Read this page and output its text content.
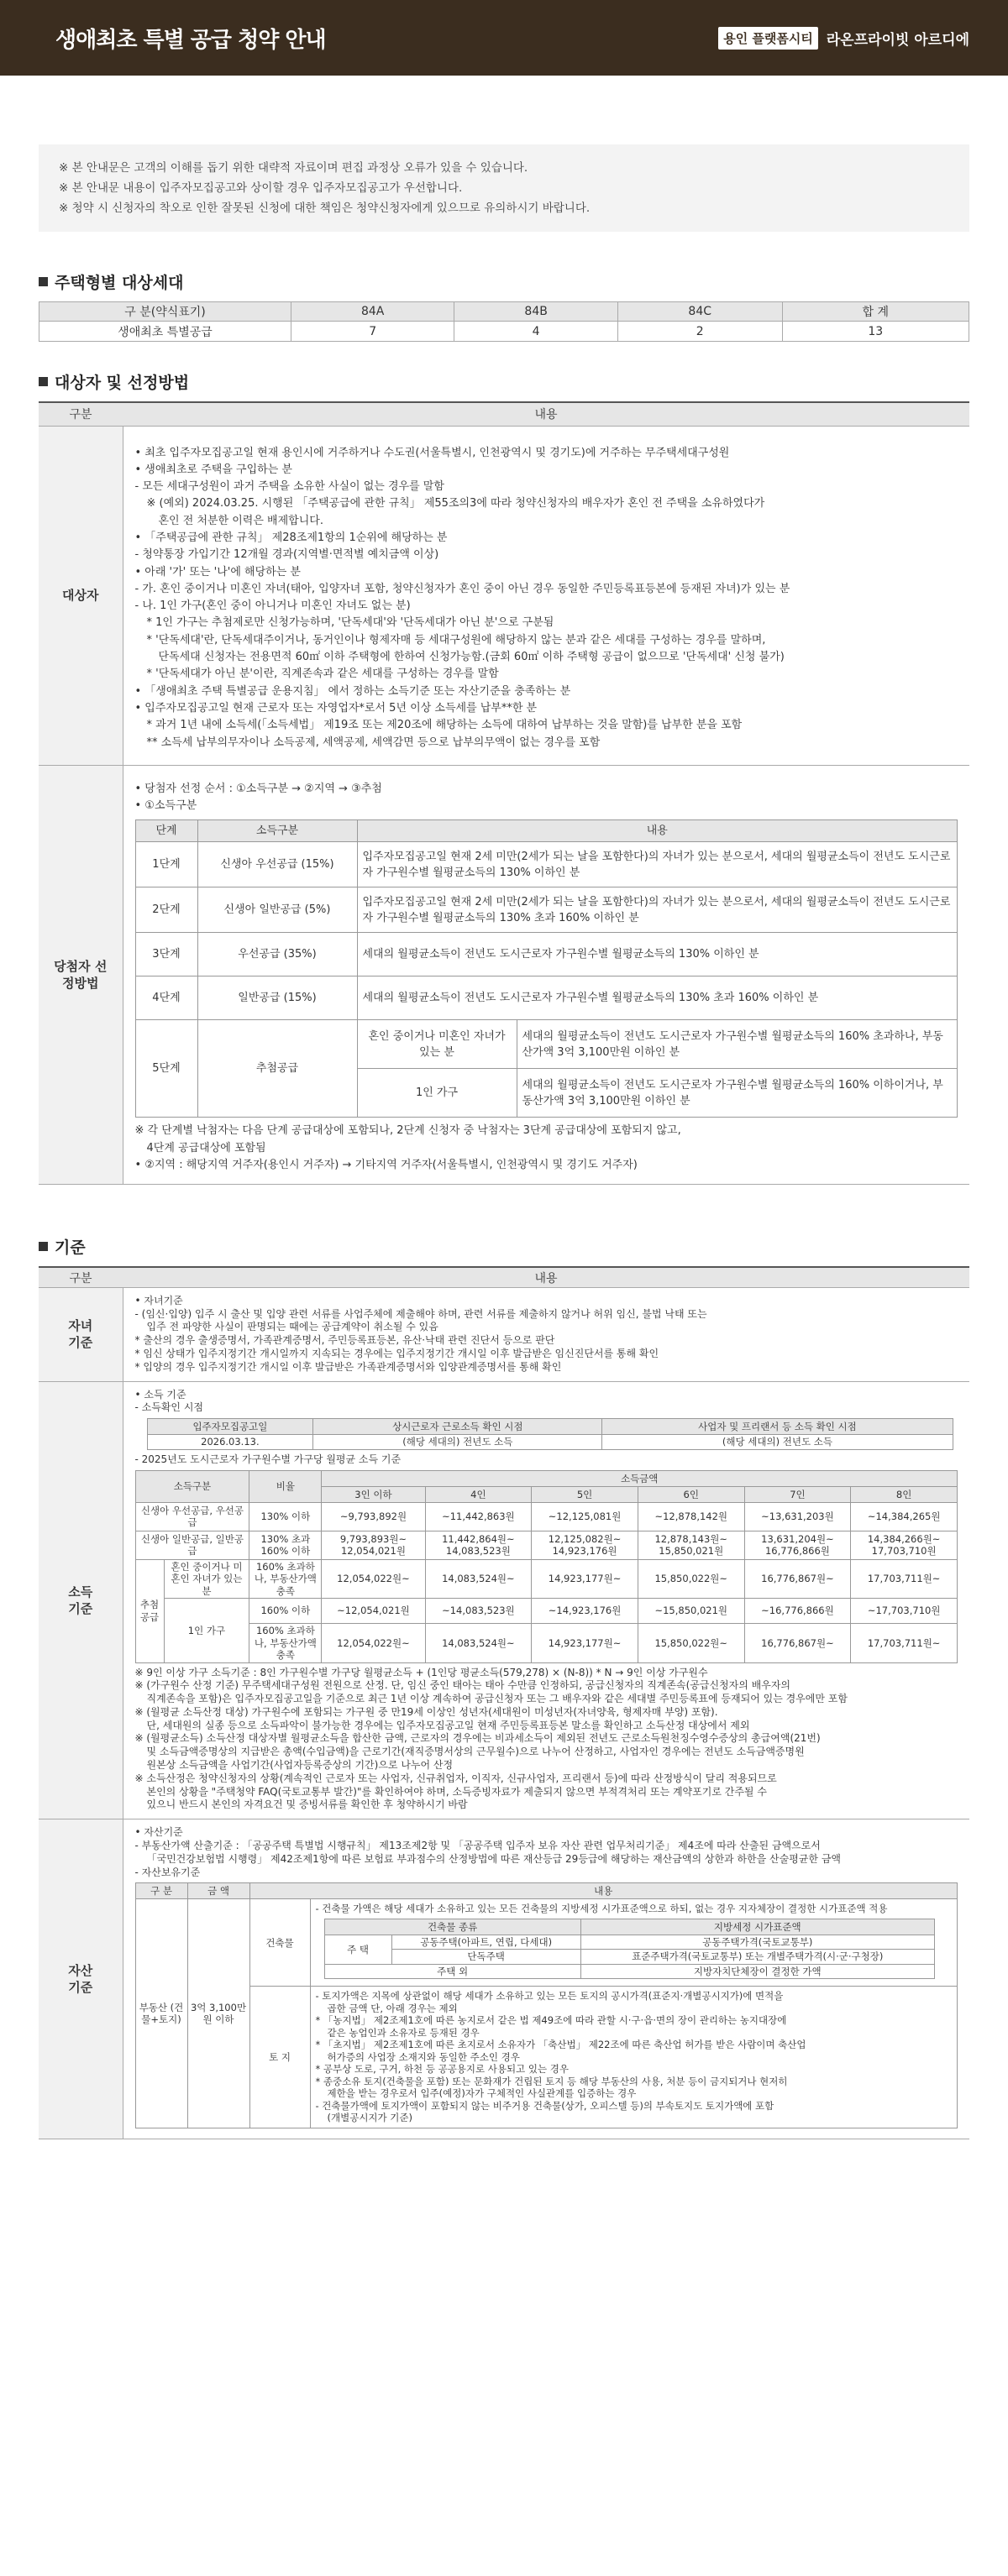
생애최초 특별 공급 청약 안내	용인 플랫폼시티 라온프라이빗 아르디에
※ 본 안내문은 고객의 이해를 돕기 위한 대략적 자료이며 편집 과정상 오류가 있을 수 있습니다.
※ 본 안내문 내용이 입주자모집공고와 상이할 경우 입주자모집공고가 우선합니다.
※ 청약 시 신청자의 착오로 인한 잘못된 신청에 대한 책임은 청약신청자에게 있으므로 유의하시기 바랍니다.
주택형별 대상세대
구 분(약식표기)	84A	84B	84C	합 계
생애최초 특별공급	7	4	2	13
대상자 및 선정방법
구분	내용
대상자	
• 최초 입주자모집공고일 현재 용인시에 거주하거나 수도권(서울특별시, 인천광역시 및 경기도)에 거주하는 무주택세대구성원
• 생애최초로 주택을 구입하는 분
- 모든 세대구성원이 과거 주택을 소유한 사실이 없는 경우를 말함
※ (예외) 2024.03.25. 시행된 「주택공급에 관한 규칙」 제55조의3에 따라 청약신청자의 배우자가 혼인 전 주택을 소유하였다가
혼인 전 처분한 이력은 배제합니다.
• 「주택공급에 관한 규칙」 제28조제1항의 1순위에 해당하는 분
- 청약통장 가입기간 12개월 경과(지역별·면적별 예치금액 이상)
• 아래 '가' 또는 '나'에 해당하는 분
- 가. 혼인 중이거나 미혼인 자녀(태아, 입양자녀 포함, 청약신청자가 혼인 중이 아닌 경우 동일한 주민등록표등본에 등재된 자녀)가 있는 분
- 나. 1인 가구(혼인 중이 아니거나 미혼인 자녀도 없는 분)
* 1인 가구는 추첨제로만 신청가능하며, '단독세대'와 '단독세대가 아닌 분'으로 구분됨
* '단독세대'란, 단독세대주이거나, 동거인이나 형제자매 등 세대구성원에 해당하지 않는 분과 같은 세대를 구성하는 경우를 말하며,
단독세대 신청자는 전용면적 60㎡ 이하 주택형에 한하여 신청가능함.(금회 60㎡ 이하 주택형 공급이 없으므로 '단독세대' 신청 불가)
* '단독세대가 아닌 분'이란, 직계존속과 같은 세대를 구성하는 경우를 말함
• 「생애최초 주택 특별공급 운용지침」 에서 정하는 소득기준 또는 자산기준을 충족하는 분
• 입주자모집공고일 현재 근로자 또는 자영업자*로서 5년 이상 소득세를 납부**한 분
* 과거 1년 내에 소득세(「소득세법」 제19조 또는 제20조에 해당하는 소득에 대하여 납부하는 것을 말함)를 납부한 분을 포함
** 소득세 납부의무자이나 소득공제, 세액공제, 세액감면 등으로 납부의무액이 없는 경우를 포함

당첨자 선정방법	
• 당첨자 선정 순서 : ①소득구분 → ②지역 → ③추첨
• ①소득구분
단계	소득구분	내용
1단계	신생아 우선공급 (15%)	입주자모집공고일 현재 2세 미만(2세가 되는 날을 포함한다)의 자녀가 있는 분으로서, 세대의 월평균소득이 전년도 도시근로자 가구원수별 월평균소득의 130% 이하인 분
2단계	신생아 일반공급 (5%)	입주자모집공고일 현재 2세 미만(2세가 되는 날을 포함한다)의 자녀가 있는 분으로서, 세대의 월평균소득이 전년도 도시근로자 가구원수별 월평균소득의 130% 초과 160% 이하인 분
3단계	우선공급 (35%)	세대의 월평균소득이 전년도 도시근로자 가구원수별 월평균소득의 130% 이하인 분
4단계	일반공급 (15%)	세대의 월평균소득이 전년도 도시근로자 가구원수별 월평균소득의 130% 초과 160% 이하인 분
5단계	추첨공급	혼인 중이거나 미혼인 자녀가 있는 분	세대의 월평균소득이 전년도 도시근로자 가구원수별 월평균소득의 160% 초과하나, 부동산가액 3억 3,100만원 이하인 분
1인 가구	세대의 월평균소득이 전년도 도시근로자 가구원수별 월평균소득의 160% 이하이거나, 부동산가액 3억 3,100만원 이하인 분
※ 각 단계별 낙첨자는 다음 단계 공급대상에 포함되나, 2단계 신청자 중 낙첨자는 3단계 공급대상에 포함되지 않고,
4단계 공급대상에 포함됨
• ②지역 : 해당지역 거주자(용인시 거주자) → 기타지역 거주자(서울특별시, 인천광역시 및 경기도 거주자)
기준
구분	내용
자녀 기준	
• 자녀기준
- (임신·입양) 입주 시 출산 및 입양 관련 서류를 사업주체에 제출해야 하며, 관련 서류를 제출하지 않거나 허위 임신, 불법 낙태 또는
입주 전 파양한 사실이 판명되는 때에는 공급계약이 취소될 수 있음
* 출산의 경우 출생증명서, 가족관계증명서, 주민등록표등본, 유산·낙태 관련 진단서 등으로 판단
* 임신 상태가 입주지정기간 개시일까지 지속되는 경우에는 입주지정기간 개시일 이후 발급받은 임신진단서를 통해 확인
* 입양의 경우 입주지정기간 개시일 이후 발급받은 가족관계증명서와 입양관계증명서를 통해 확인

소득 기준	
• 소득 기준
- 소득확인 시점
입주자모집공고일	상시근로자 근로소득 확인 시점	사업자 및 프리랜서 등 소득 확인 시점
2026.03.13.	(해당 세대의) 전년도 소득	(해당 세대의) 전년도 소득
- 2025년도 도시근로자 가구원수별 가구당 월평균 소득 기준
소득구분	비율	소득금액
3인 이하	4인	5인	6인	7인	8인
신생아 우선공급, 우선공급	130% 이하	~9,793,892원	~11,442,863원	~12,125,081원	~12,878,142원	~13,631,203원	~14,384,265원
신생아 일반공급, 일반공급	130% 초과 160% 이하	9,793,893원~ 12,054,021원	11,442,864원~ 14,083,523원	12,125,082원~ 14,923,176원	12,878,143원~ 15,850,021원	13,631,204원~ 16,776,866원	14,384,266원~ 17,703,710원
추첨 공급	혼인 중이거나 미혼인 자녀가 있는 분	160% 초과하나, 부동산가액 충족	12,054,022원~	14,083,524원~	14,923,177원~	15,850,022원~	16,776,867원~	17,703,711원~
1인 가구	160% 이하	~12,054,021원	~14,083,523원	~14,923,176원	~15,850,021원	~16,776,866원	~17,703,710원
160% 초과하나, 부동산가액 충족	12,054,022원~	14,083,524원~	14,923,177원~	15,850,022원~	16,776,867원~	17,703,711원~
※ 9인 이상 가구 소득기준 : 8인 가구원수별 가구당 월평균소득 + (1인당 평균소득(579,278) × (N-8)) * N → 9인 이상 가구원수
※ (가구원수 산정 기준) 무주택세대구성원 전원으로 산정. 단, 임신 중인 태아는 태아 수만큼 인정하되, 공급신청자의 직계존속(공급신청자의 배우자의
직계존속을 포함)은 입주자모집공고일을 기준으로 최근 1년 이상 계속하여 공급신청자 또는 그 배우자와 같은 세대별 주민등록표에 등재되어 있는 경우에만 포함
※ (월평균 소득산정 대상) 가구원수에 포함되는 가구원 중 만19세 이상인 성년자(세대원이 미성년자(자녀양육, 형제자매 부양) 포함).
단, 세대원의 실종 등으로 소득파악이 불가능한 경우에는 입주자모집공고일 현재 주민등록표등본 말소를 확인하고 소득산정 대상에서 제외
※ (월평균소득) 소득산정 대상자별 월평균소득을 합산한 금액, 근로자의 경우에는 비과세소득이 제외된 전년도 근로소득원천징수영수증상의 총급여액(21번)
및 소득금액증명상의 지급받은 총액(수입금액)을 근로기간(재직증명서상의 근무월수)으로 나누어 산정하고, 사업자인 경우에는 전년도 소득금액증명원
원본상 소득금액을 사업기간(사업자등록증상의 기간)으로 나누어 산정
※ 소득산정은 청약신청자의 상황(계속적인 근로자 또는 사업자, 신규취업자, 이직자, 신규사업자, 프리랜서 등)에 따라 산정방식이 달리 적용되므로
본인의 상황을 "주택청약 FAQ(국토교통부 발간)"를 확인하여야 하며, 소득증빙자료가 제출되지 않으면 부적격처리 또는 계약포기로 간주될 수
있으니 반드시 본인의 자격요건 및 증빙서류를 확인한 후 청약하시기 바람

자산 기준	
• 자산기준
- 부동산가액 산출기준 : 「공공주택 특별법 시행규칙」 제13조제2항 및 「공공주택 입주자 보유 자산 관련 업무처리기준」 제4조에 따라 산출된 금액으로서
「국민건강보험법 시행령」 제42조제1항에 따른 보험료 부과점수의 산정방법에 따른 재산등급 29등급에 해당하는 재산금액의 상한과 하한을 산술평균한 금액
- 자산보유기준
구 분	금 액	내용
부동산 (건물+토지)	3억 3,100만원 이하	건축물	
- 건축물 가액은 해당 세대가 소유하고 있는 모든 건축물의 지방세정 시가표준액으로 하되, 없는 경우 지자체장이 결정한 시가표준액 적용
건축물 종류	지방세정 시가표준액
주 택	공동주택(아파트, 연립, 다세대)	공동주택가격(국토교통부)
단독주택	표준주택가격(국토교통부) 또는 개별주택가격(시·군·구청장)
주택 외	지방자치단체장이 결정한 가액

토 지	
- 토지가액은 지목에 상관없이 해당 세대가 소유하고 있는 모든 토지의 공시가격(표준지·개별공시지가)에 면적을
곱한 금액 단, 아래 경우는 제외
* 「농지법」 제2조제1호에 따른 농지로서 같은 법 제49조에 따라 관할 시·구·읍·면의 장이 관리하는 농지대장에
같은 농업인과 소유자로 등재된 경우
* 「초지법」 제2조제1호에 따른 초지로서 소유자가 「축산법」 제22조에 따른 축산업 허가를 받은 사람이며 축산업
허가증의 사업장 소재지와 동일한 주소인 경우
* 공부상 도로, 구거, 하천 등 공공용지로 사용되고 있는 경우
* 종중소유 토지(건축물을 포함) 또는 문화재가 건립된 토지 등 해당 부동산의 사용, 처분 등이 금지되거나 현저히
제한을 받는 경우로서 입주(예정)자가 구체적인 사실관계를 입증하는 경우
- 건축물가액에 토지가액이 포함되지 않는 비주거용 건축물(상가, 오피스텔 등)의 부속토지도 토지가액에 포함
(개별공시지가 기준)
